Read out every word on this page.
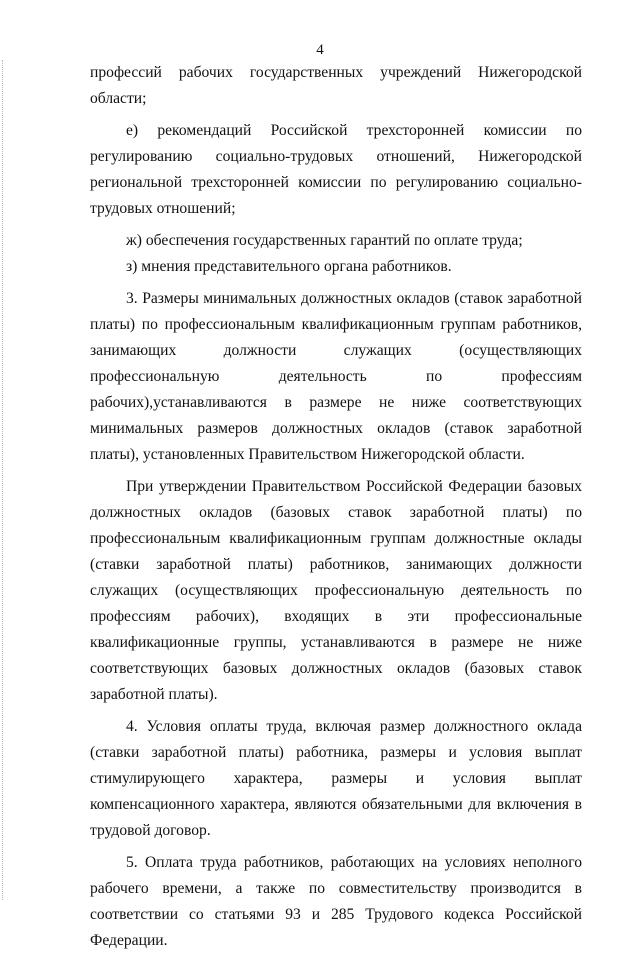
4

профессий рабочих государственных учреждений Нижегородской области;

е) рекомендаций Российской трехсторонней комиссии по регулированию социально-трудовых отношений, Нижегородской региональной трехсторонней комиссии по регулированию социально-трудовых отношений;

ж) обеспечения государственных гарантий по оплате труда;

з) мнения представительного органа работников.

3. Размеры минимальных должностных окладов (ставок заработной платы) по профессиональным квалификационным группам работников, занимающих должности служащих (осуществляющих профессиональную деятельность по профессиям рабочих),устанавливаются в размере не ниже соответствующих минимальных размеров должностных окладов (ставок заработной платы), установленных Правительством Нижегородской области.

При утверждении Правительством Российской Федерации базовых должностных окладов (базовых ставок заработной платы) по профессиональным квалификационным группам должностные оклады (ставки заработной платы) работников, занимающих должности служащих (осуществляющих профессиональную деятельность по профессиям рабочих), входящих в эти профессиональные квалификационные группы, устанавливаются в размере не ниже соответствующих базовых должностных окладов (базовых ставок заработной платы).

4. Условия оплаты труда, включая размер должностного оклада (ставки заработной платы) работника, размеры и условия выплат стимулирующего характера, размеры и условия выплат компенсационного характера, являются обязательными для включения в трудовой договор.

5. Оплата труда работников, работающих на условиях неполного рабочего времени, а также по совместительству производится в соответствии со статьями 93 и 285 Трудового кодекса Российской Федерации.
